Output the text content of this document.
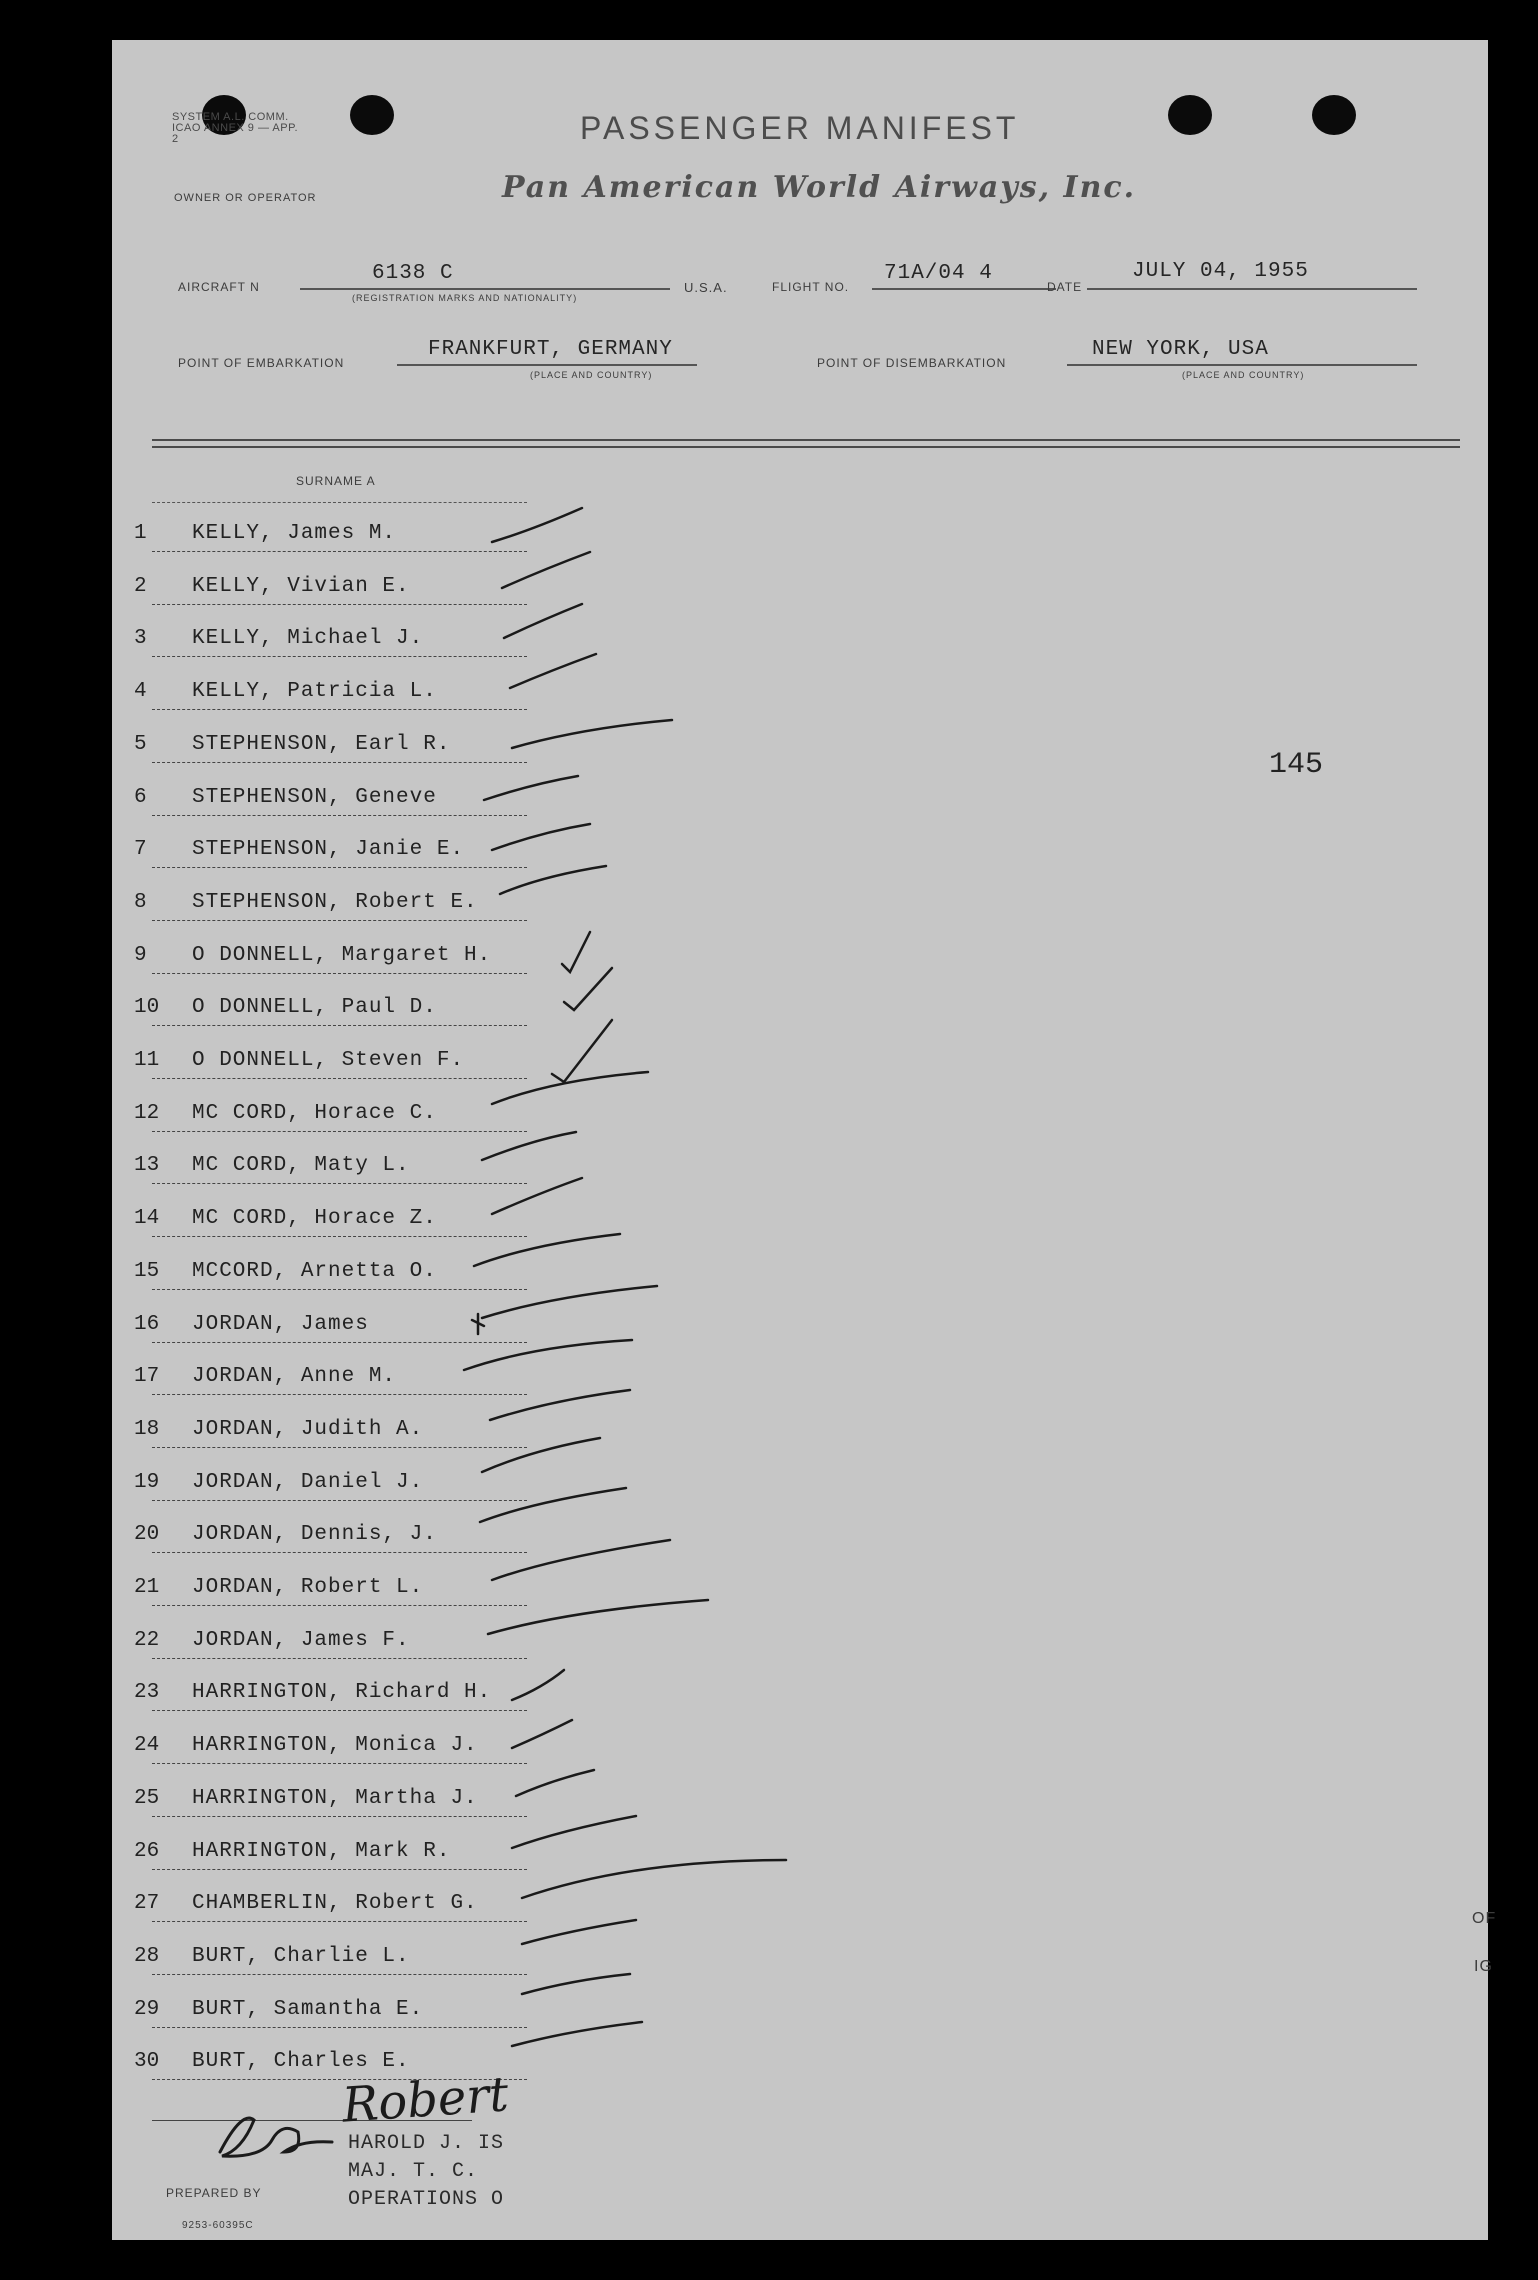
SYSTEM A.L. COMM. ICAO ANNEX 9 — APP. 2	PASSENGER MANIFEST
OWNER OR OPERATOR	Pan American World Airways, Inc.
AIRCRAFT N
6138 C
(REGISTRATION MARKS AND NATIONALITY)
U.S.A.	FLIGHT NO.
71A/04 4
DATE
JULY 04, 1955
POINT OF EMBARKATION
FRANKFURT, GERMANY
(PLACE AND COUNTRY)
POINT OF DISEMBARKATION
NEW YORK, USA
(PLACE AND COUNTRY)
SURNAME A
1	KELLY, James M.
2	KELLY, Vivian E.
3	KELLY, Michael J.
4	KELLY, Patricia L.
5	STEPHENSON, Earl R.
6	STEPHENSON, Geneve
7	STEPHENSON, Janie E.
8	STEPHENSON, Robert E.
9	O DONNELL, Margaret H.
10	O DONNELL, Paul D.
11	O DONNELL, Steven F.
12	MC CORD, Horace C.
13	MC CORD, Maty L.
14	MC CORD, Horace Z.
15	MCCORD, Arnetta O.
16	JORDAN, James
17	JORDAN, Anne M.
18	JORDAN, Judith A.
19	JORDAN, Daniel J.
20	JORDAN, Dennis, J.
21	JORDAN, Robert L.
22	JORDAN, James F.
23	HARRINGTON, Richard H.
24	HARRINGTON, Monica J.
25	HARRINGTON, Martha J.
26	HARRINGTON, Mark R.
27	CHAMBERLIN, Robert G.
28	BURT, Charlie L.
29	BURT, Samantha E.
30	BURT, Charles E.
145
OF
IG
Robert
HAROLD J. IS
MAJ. T. C.
OPERATIONS O
PREPARED BY
9253-60395C
